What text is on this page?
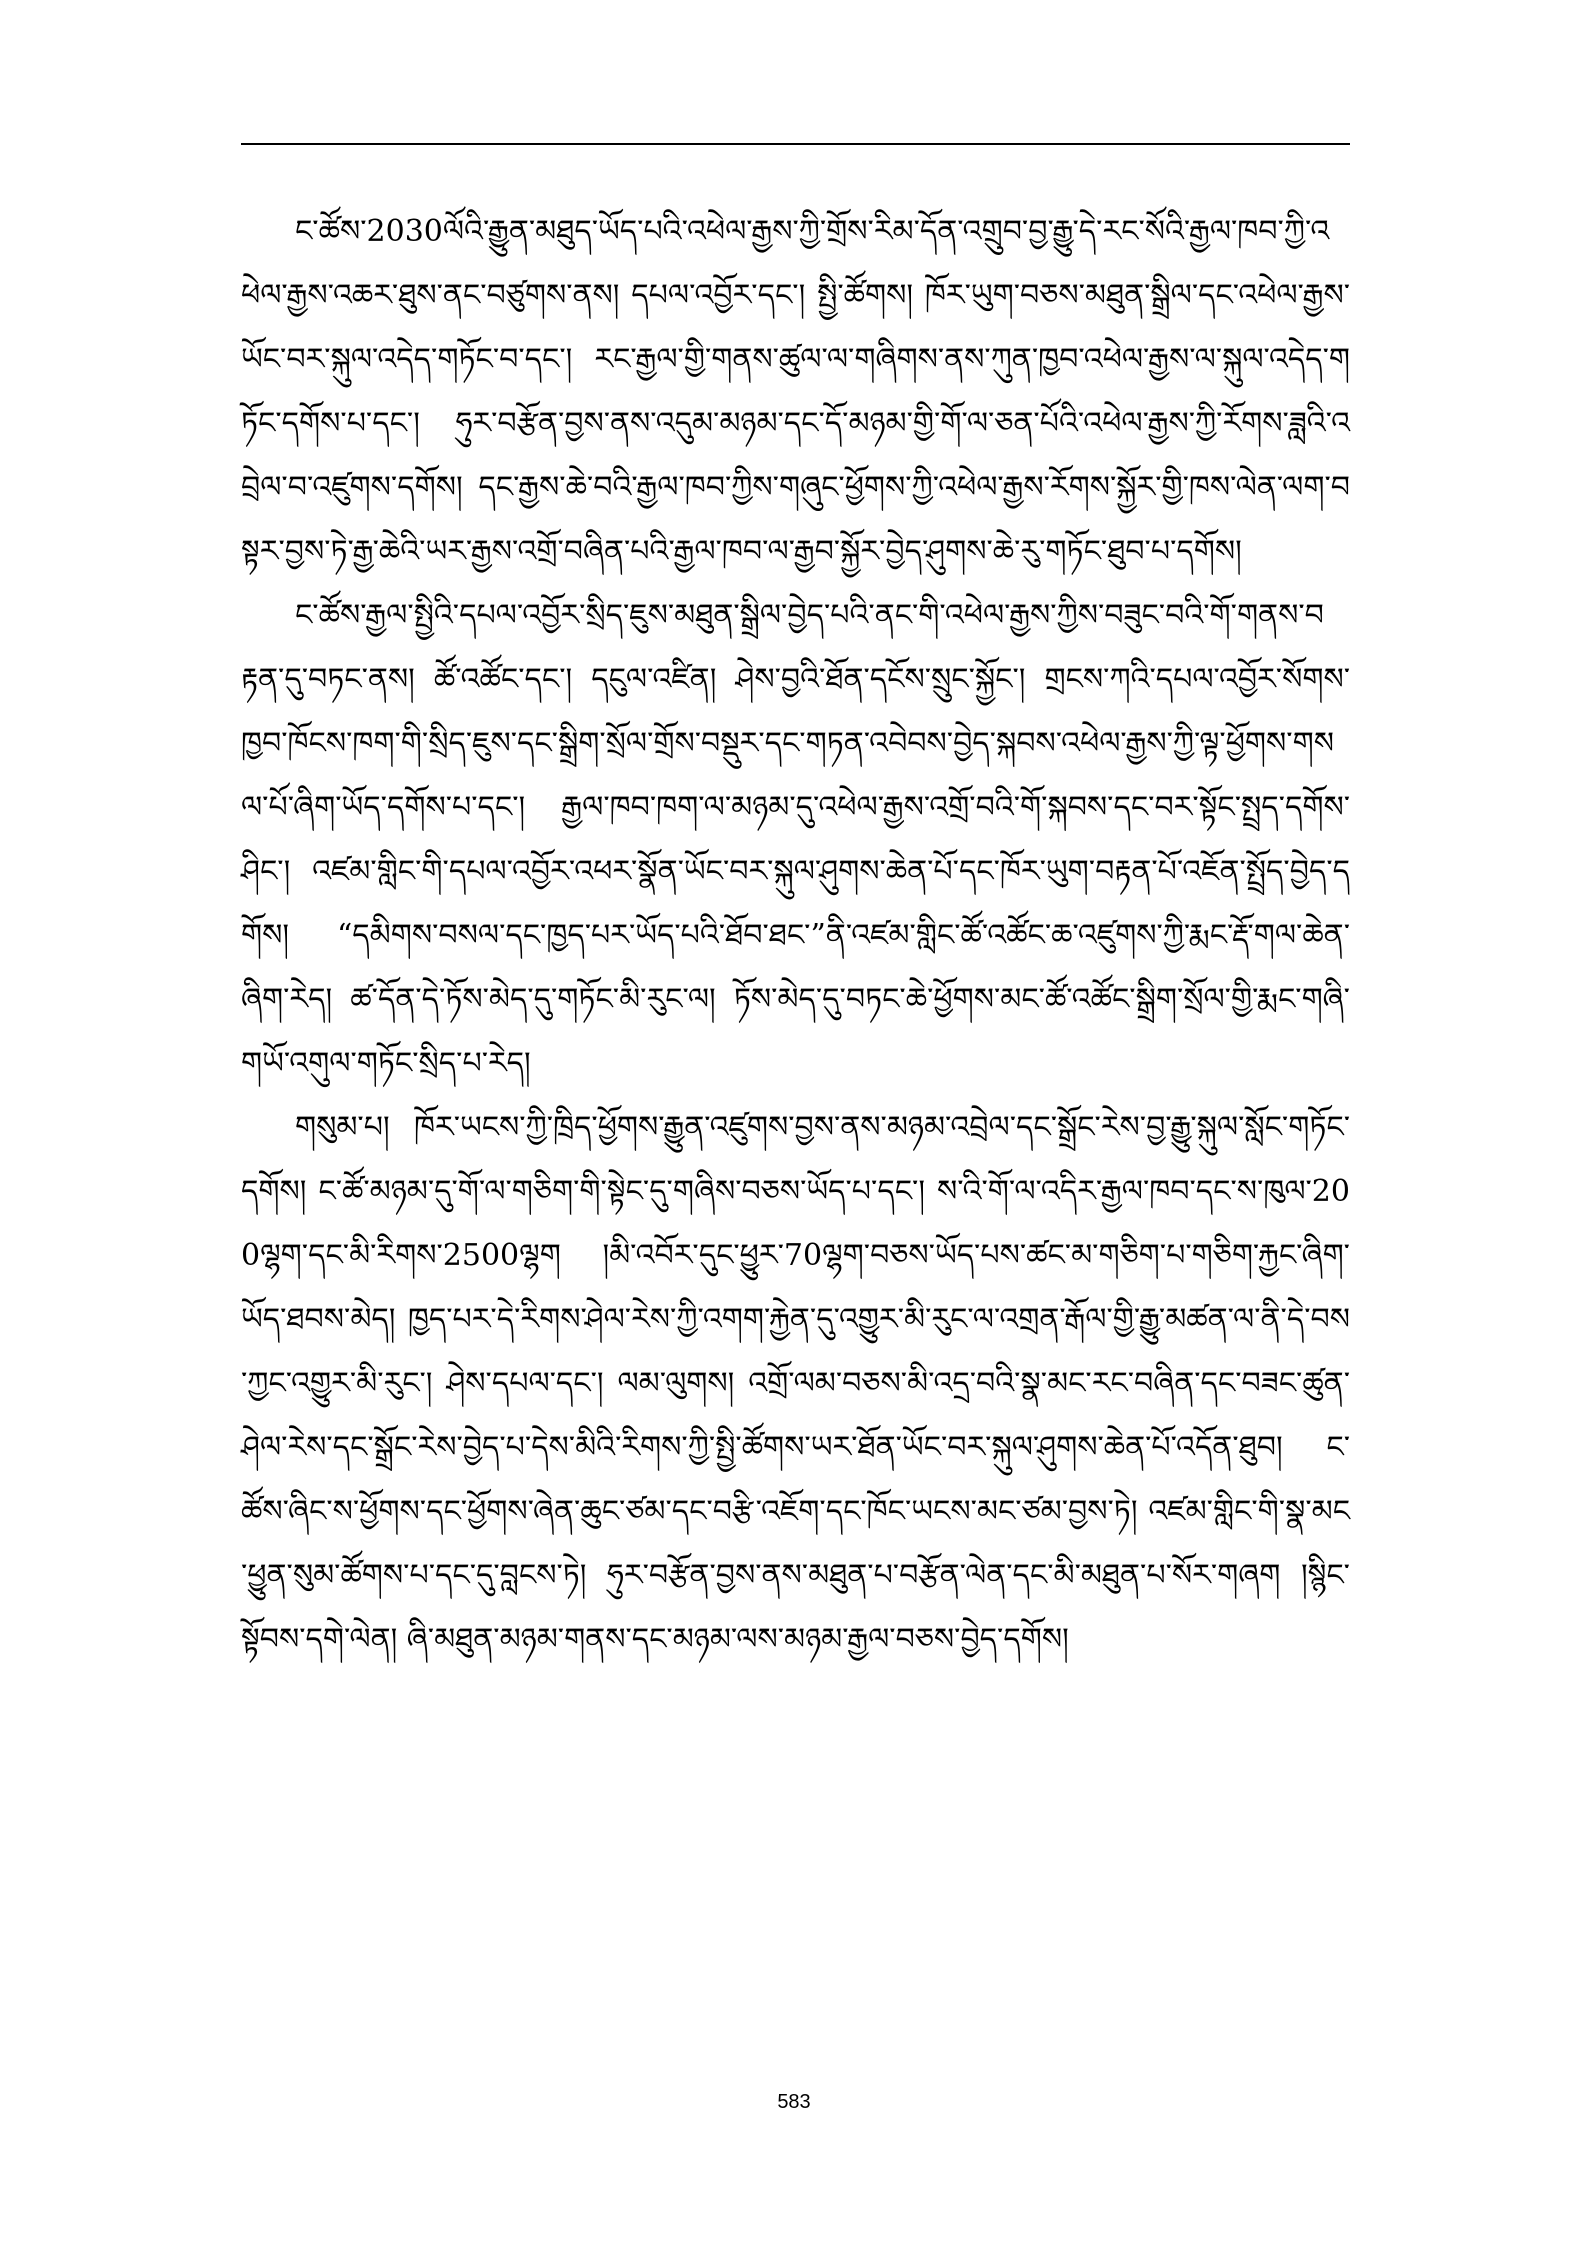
ང་ཚོས་2030ལོའི་རྒྱུན་མཐུད་ཡོད་པའི་འཕེལ་རྒྱས་ཀྱི་གྲོས་རིམ་དོན་འགྲུབ་བྱ་རྒྱུ་དེ་རང་སོའི་རྒྱལ་ཁབ་ཀྱི་འཕེལ་རྒྱས་འཆར་ཐུས་ནང་བཙུགས་ནས། དཔལ་འབྱོར་དང་། སྤྱི་ཚོགས། ཁོར་ཡུག་བཅས་མཐུན་སྒྲིལ་དང་འཕེལ་རྒྱས་ཡོང་བར་སྐུལ་འདེད་གཏོང་བ་དང་། རང་རྒྱལ་གྱི་གནས་ཚུལ་ལ་གཞིགས་ནས་ཀུན་ཁྱབ་འཕེལ་རྒྱས་ལ་སྐུལ་འདེད་གཏོང་དགོས་པ་དང་། ཧུར་བརྩོན་བྱས་ནས་འདུམ་མཉམ་དང་དོ་མཉམ་གྱི་གོ་ལ་ཅན་པོའི་འཕེལ་རྒྱས་ཀྱི་རོགས་ཟླའི་འབྲེལ་བ་འཛུགས་དགོས། དང་རྒྱས་ཆེ་བའི་རྒྱལ་ཁབ་ཀྱིས་གཞུང་ཕྱོགས་ཀྱི་འཕེལ་རྒྱས་རོགས་སྐྱོར་གྱི་ཁས་ལེན་ལག་བསྟར་བྱས་ཏེ་རྒྱ་ཆེའི་ཡར་རྒྱས་འགྲོ་བཞིན་པའི་རྒྱལ་ཁབ་ལ་རྒྱབ་སྐྱོར་བྱེད་ཤུགས་ཆེ་རུ་གཏོང་ཐུབ་པ་དགོས།

ང་ཚོས་རྒྱལ་སྤྱིའི་དཔལ་འབྱོར་སྲིད་ཇུས་མཐུན་སྒྲིལ་བྱེད་པའི་ནང་གི་འཕེལ་རྒྱས་ཀྱིས་བཟུང་བའི་གོ་གནས་བརྟན་དུ་བཏང་ནས། ཚོ་འཚོང་དང་། དངུལ་འཛིན། ཤེས་བྱའི་ཐོན་དངོས་སྲུང་སྐྱོང་། གྲངས་ཀའི་དཔལ་འབྱོར་སོགས་ཁྱབ་ཁོངས་ཁག་གི་སྲིད་ཇུས་དང་སྒྲིག་སྲོལ་གྲོས་བསྡུར་དང་གཏན་འབེབས་བྱེད་སྐབས་འཕེལ་རྒྱས་ཀྱི་ལྟ་ཕྱོགས་གསལ་པོ་ཞིག་ཡོད་དགོས་པ་དང་། རྒྱལ་ཁབ་ཁག་ལ་མཉམ་དུ་འཕེལ་རྒྱས་འགྲོ་བའི་གོ་སྐབས་དང་བར་སྟོང་སྤྲད་དགོས་ཤིང་། འཛམ་གླིང་གི་དཔལ་འབྱོར་འཕར་སྣོན་ཡོང་བར་སྐུལ་ཤུགས་ཆེན་པོ་དང་ཁོར་ཡུག་བརྟན་པོ་འཇོན་སྤྲོད་བྱེད་དགོས། “དམིགས་བསལ་དང་ཁྱད་པར་ཡོད་པའི་ཐོབ་ཐང་”ནི་འཛམ་གླིང་ཚོ་འཚོང་ཆ་འཛུགས་ཀྱི་རྨང་རྡོ་གལ་ཆེན་ཞིག་རེད། ཚ་དོན་དེ་ཏོས་མེད་དུ་གཏོང་མི་རུང་ལ། ཏོས་མེད་དུ་བཏང་ཆེ་ཕྱོགས་མང་ཚོ་འཚོང་སྒྲིག་སྲོལ་གྱི་རྨང་གཞི་གཡོ་འགུལ་གཏོང་སྲིད་པ་རེད།

གསུམ་པ། ཁོར་ཡངས་ཀྱི་ཁྲིད་ཕྱོགས་རྒྱུན་འཛུགས་བྱས་ནས་མཉམ་འབྲེལ་དང་སྒྲོང་རེས་བྱ་རྒྱུ་སྐུལ་སློང་གཏོང་དགོས། ང་ཚོ་མཉམ་དུ་གོ་ལ་གཅིག་གི་སྟེང་དུ་གཞིས་བཅས་ཡོད་པ་དང་། ས་འི་གོ་ལ་འདིར་རྒྱལ་ཁབ་དང་ས་ཁུལ་200ལྷག་དང་མི་རིགས་2500ལྷག །མི་འབོར་དུང་ཕྱུར་70ལྷག་བཅས་ཡོད་པས་ཚང་མ་གཅིག་པ་གཅིག་རྐྱང་ཞིག་ཡོད་ཐབས་མེད། ཁྱད་པར་དེ་རིགས་ཤེལ་རེས་ཀྱི་འགག་རྐྱེན་དུ་འགྱུར་མི་རུང་ལ་འགྲན་རྒོལ་གྱི་རྒྱུ་མཚན་ལ་ནི་དེ་བས་ཀྱང་འགྱུར་མི་རུང་། ཤེས་དཔལ་དང་། ལམ་ལུགས། འགྲོ་ལམ་བཅས་མི་འདྲ་བའི་སྣ་མང་རང་བཞིན་དང་བཟང་ཚུན་ཤེལ་རེས་དང་སྒྲོང་རེས་བྱེད་པ་དེས་མིའི་རིགས་ཀྱི་སྤྱི་ཚོགས་ཡར་ཐོན་ཡོང་བར་སྐུལ་ཤུགས་ཆེན་པོ་འདོན་ཐུབ། ང་ཚོས་ཞིང་ས་ཕྱོགས་དང་ཕྱོགས་ཞེན་ཆུང་ཙམ་དང་བརྩི་འཇོག་དང་ཁོང་ཡངས་མང་ཙམ་བྱས་ཏེ། འཛམ་གླིང་གི་སྣ་མང་ཕྱུན་སུམ་ཚོགས་པ་དང་དུ་བླངས་ཏེ། ཧུར་བརྩོན་བྱས་ནས་མཐུན་པ་བརྩོན་ལེན་དང་མི་མཐུན་པ་སོར་གཞག །སྙིང་སྟོབས་དགེ་ལེན། ཞི་མཐུན་མཉམ་གནས་དང་མཉམ་ལས་མཉམ་རྒྱལ་བཅས་བྱེད་དགོས།

583
